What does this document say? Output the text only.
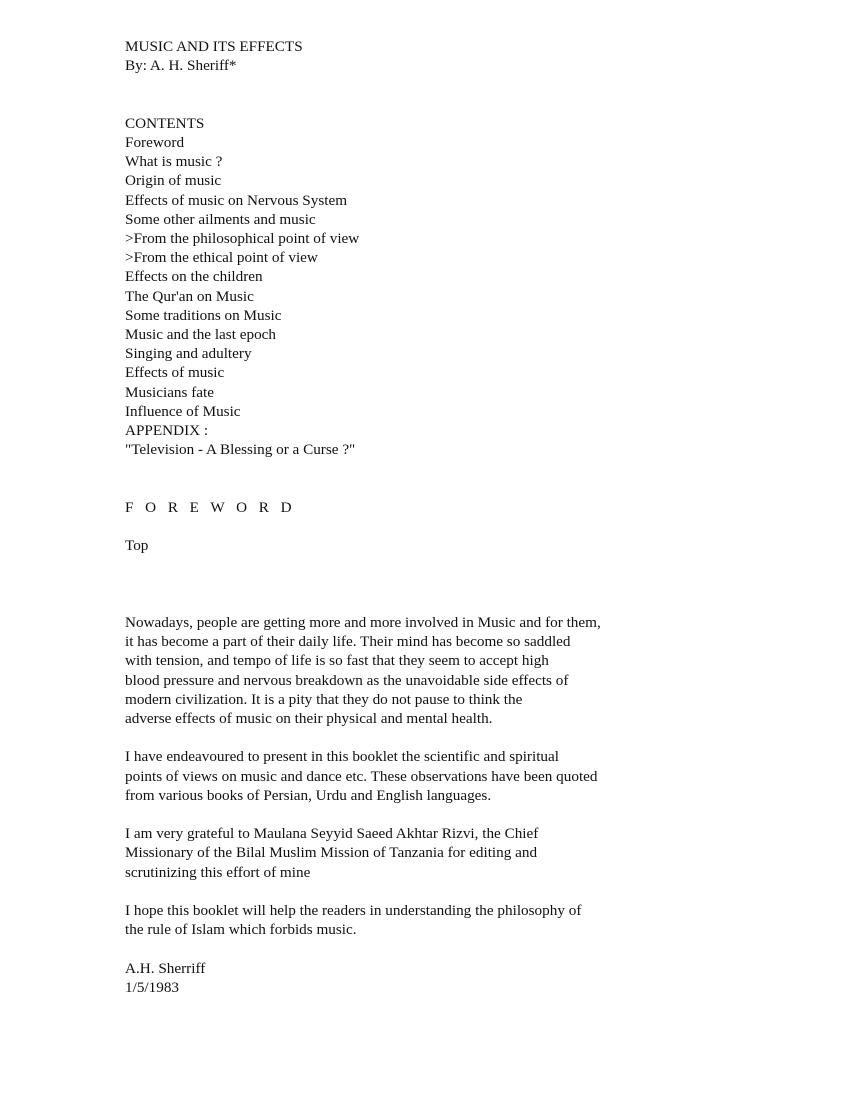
MUSIC AND ITS EFFECTS
By: A. H. Sheriff*
CONTENTS
Foreword
What is music ?
Origin of music
Effects of music on Nervous System
Some other ailments and music
>From the philosophical point of view
>From the ethical point of view
Effects on the children
The Qur'an on Music
Some traditions on Music
Music and the last epoch
Singing and adultery
Effects of music
Musicians fate
Influence of Music
APPENDIX :
"Television - A Blessing or a Curse ?"
F O R E W O R D
Top
Nowadays, people are getting more and more involved in Music and for them,
it has become a part of their daily life. Their mind has become so saddled
with tension, and tempo of life is so fast that they seem to accept high
blood pressure and nervous breakdown as the unavoidable side effects of
modern civilization. It is a pity that they do not pause to think the
adverse effects of music on their physical and mental health.
I have endeavoured to present in this booklet the scientific and spiritual
points of views on music and dance etc. These observations have been quoted
from various books of Persian, Urdu and English languages.
I am very grateful to Maulana Seyyid Saeed Akhtar Rizvi, the Chief
Missionary of the Bilal Muslim Mission of Tanzania for editing and
scrutinizing this effort of mine
I hope this booklet will help the readers in understanding the philosophy of
the rule of Islam which forbids music.
A.H. Sherriff
1/5/1983
